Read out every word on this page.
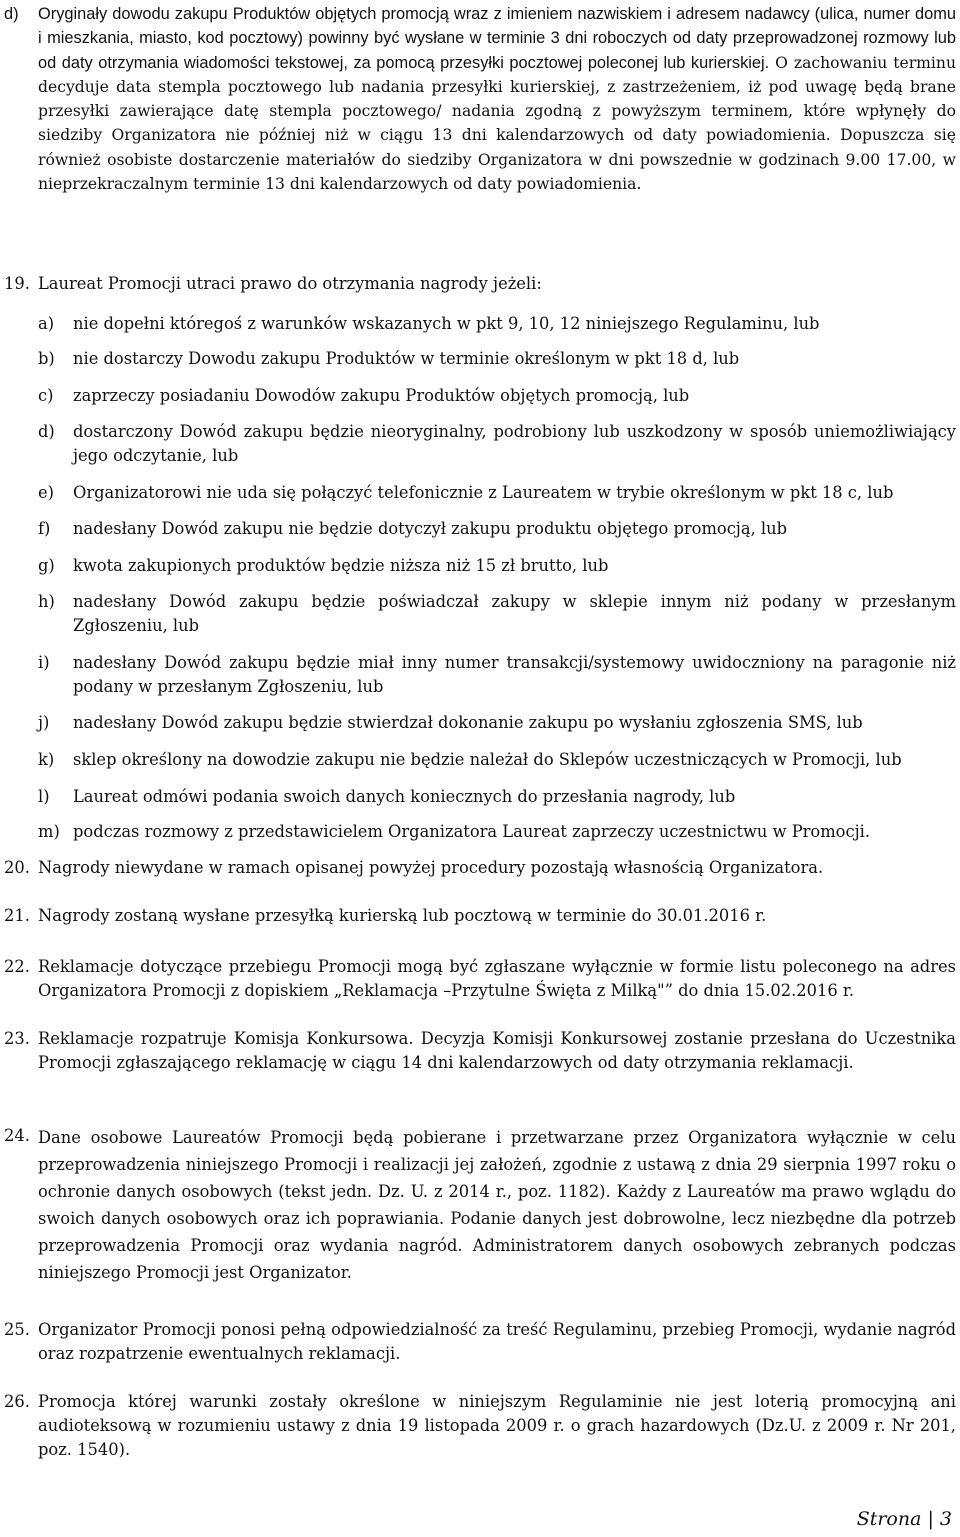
d)	Oryginały dowodu zakupu Produktów objętych promocją wraz z imieniem nazwiskiem i adresem nadawcy (ulica, numer domu i mieszkania, miasto, kod pocztowy) powinny być wysłane w terminie 3 dni roboczych od daty przeprowadzonej rozmowy lub od daty otrzymania wiadomości tekstowej, za pomocą przesyłki pocztowej poleconej lub kurierskiej. O zachowaniu terminu decyduje data stempla pocztowego lub nadania przesyłki kurierskiej, z zastrzeżeniem, iż pod uwagę będą brane przesyłki zawierające datę stempla pocztowego/ nadania zgodną z powyższym terminem, które wpłynęły do siedziby Organizatora nie później niż w ciągu 13 dni kalendarzowych od daty powiadomienia. Dopuszcza się również osobiste dostarczenie materiałów do siedziby Organizatora w dni powszednie w godzinach 9.00 17.00, w nieprzekraczalnym terminie 13 dni kalendarzowych od daty powiadomienia.
19. Laureat Promocji utraci prawo do otrzymania nagrody jeżeli:
a)	nie dopełni któregoś z warunków wskazanych w pkt 9, 10, 12 niniejszego Regulaminu, lub
b)	nie dostarczy Dowodu zakupu Produktów w terminie określonym w pkt 18 d, lub
c)	zaprzeczy posiadaniu Dowodów zakupu Produktów objętych promocją, lub
d)	dostarczony Dowód zakupu będzie nieoryginalny, podrobiony lub uszkodzony w sposób uniemożliwiający jego odczytanie, lub
e)	Organizatorowi nie uda się połączyć telefonicznie z Laureatem w trybie określonym w pkt 18 c, lub
f)	nadesłany Dowód zakupu nie będzie dotyczył zakupu produktu objętego promocją, lub
g)	kwota zakupionych produktów będzie niższa niż 15 zł brutto, lub
h)	nadesłany Dowód zakupu będzie poświadczał zakupy w sklepie innym niż podany w przesłanym Zgłoszeniu, lub
i)	nadesłany Dowód zakupu będzie miał inny numer transakcji/systemowy uwidoczniony na paragonie niż podany w przesłanym Zgłoszeniu, lub
j)	nadesłany Dowód zakupu będzie stwierdzał dokonanie zakupu po wysłaniu zgłoszenia SMS, lub
k)	sklep określony na dowodzie zakupu nie będzie należał do Sklepów uczestniczących w Promocji, lub
l)	Laureat odmówi podania swoich danych koniecznych do przesłania nagrody, lub
m) podczas rozmowy z przedstawicielem Organizatora Laureat zaprzeczy uczestnictwu w Promocji.
20. Nagrody niewydane w ramach opisanej powyżej procedury pozostają własnością Organizatora.
21. Nagrody zostaną wysłane przesyłką kurierską lub pocztową w terminie do 30.01.2016 r.
22. Reklamacje dotyczące przebiegu Promocji mogą być zgłaszane wyłącznie w formie listu poleconego na adres Organizatora Promocji z dopiskiem „Reklamacja –Przytulne Święta z Milką"” do dnia 15.02.2016 r.
23. Reklamacje rozpatruje Komisja Konkursowa. Decyzja Komisji Konkursowej zostanie przesłana do Uczestnika Promocji zgłaszającego reklamację w ciągu 14 dni kalendarzowych od daty otrzymania reklamacji.
24. Dane osobowe Laureatów Promocji będą pobierane i przetwarzane przez Organizatora wyłącznie w celu przeprowadzenia niniejszego Promocji i realizacji jej założeń, zgodnie z ustawą z dnia 29 sierpnia 1997 roku o ochronie danych osobowych (tekst jedn. Dz. U. z 2014 r., poz. 1182). Każdy z Laureatów ma prawo wglądu do swoich danych osobowych oraz ich poprawiania. Podanie danych jest dobrowolne, lecz niezbędne dla potrzeb przeprowadzenia Promocji oraz wydania nagród. Administratorem danych osobowych zebranych podczas niniejszego Promocji jest Organizator.
25. Organizator Promocji ponosi pełną odpowiedzialność za treść Regulaminu, przebieg Promocji, wydanie nagród oraz rozpatrzenie ewentualnych reklamacji.
26. Promocja której warunki zostały określone w niniejszym Regulaminie nie jest loterią promocyjną ani audioteksową w rozumieniu ustawy z dnia 19 listopada 2009 r. o grach hazardowych (Dz.U. z 2009 r. Nr 201, poz. 1540).
Strona | 3
